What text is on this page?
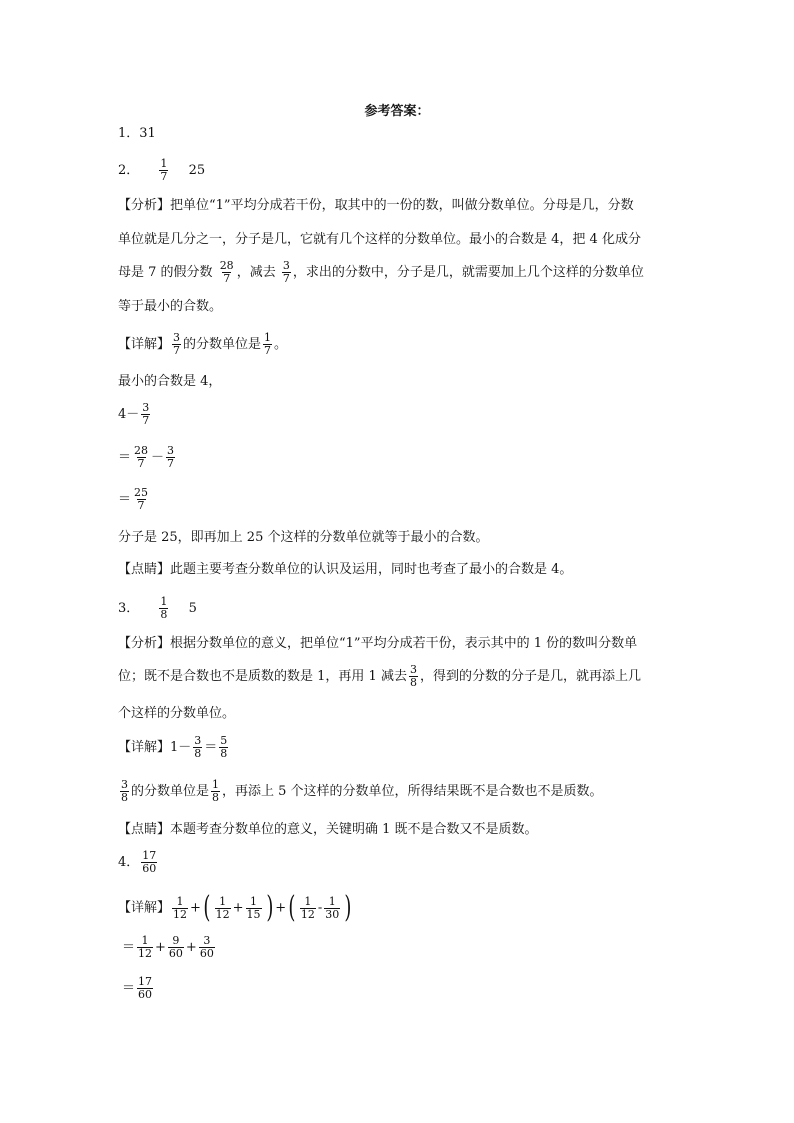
参考答案：
1．31
2． $\frac{1}{7} 25$
【分析】把单位“1”平均分成若干份，取其中的一份的数，叫做分数单位。分母是几，分数
单位就是几分之一，分子是几，它就有几个这样的分数单位。最小的合数是 4，把 4 化成分
母是 7 的假分数 $\frac{28}{7}$ ，减去 $\frac{3}{7}$ ，求出的分数中，分子是几，就需要加上几个这样的分数单位
等于最小的合数。
【详解】 $\frac{3}{7}$ 的分数单位是 $\frac{1}{7}$ 。
最小的合数是 4，
$4- \frac{3}{7}$
＝ $\frac{28}{7} - \frac{3}{7}$
＝ $\frac{25}{7}$
分子是 25，即再加上 25 个这样的分数单位就等于最小的合数。
【点睛】此题主要考查分数单位的认识及运用，同时也考查了最小的合数是 4。
3． $\frac{1}{8} 5$
【分析】根据分数单位的意义，把单位“1”平均分成若干份，表示其中的 1 份的数叫分数单
位；既不是合数也不是质数的数是 1，再用 1 减去 $\frac{3}{8}$ ，得到的分数的分子是几，就再添上几
个这样的分数单位。
【详解】$1- \frac{3}{8} = \frac{5}{8}$
$\frac{3}{8}$ 的分数单位是 $\frac{1}{8}$ ，再添上 5 个这样的分数单位，所得结果既不是合数也不是质数。
【点睛】本题考查分数单位的意义，关键明确 1 既不是合数又不是质数。
4． $\frac{17}{60}$
【详解】 $\frac{1}{12}$ +( $\frac{1}{12} + \frac{1}{15}$ ) +( $\frac{1}{12} - \frac{1}{30}$ )
＝ $\frac{1}{12} + \frac{9}{60} + \frac{3}{60}$
＝ $\frac{17}{60}$
